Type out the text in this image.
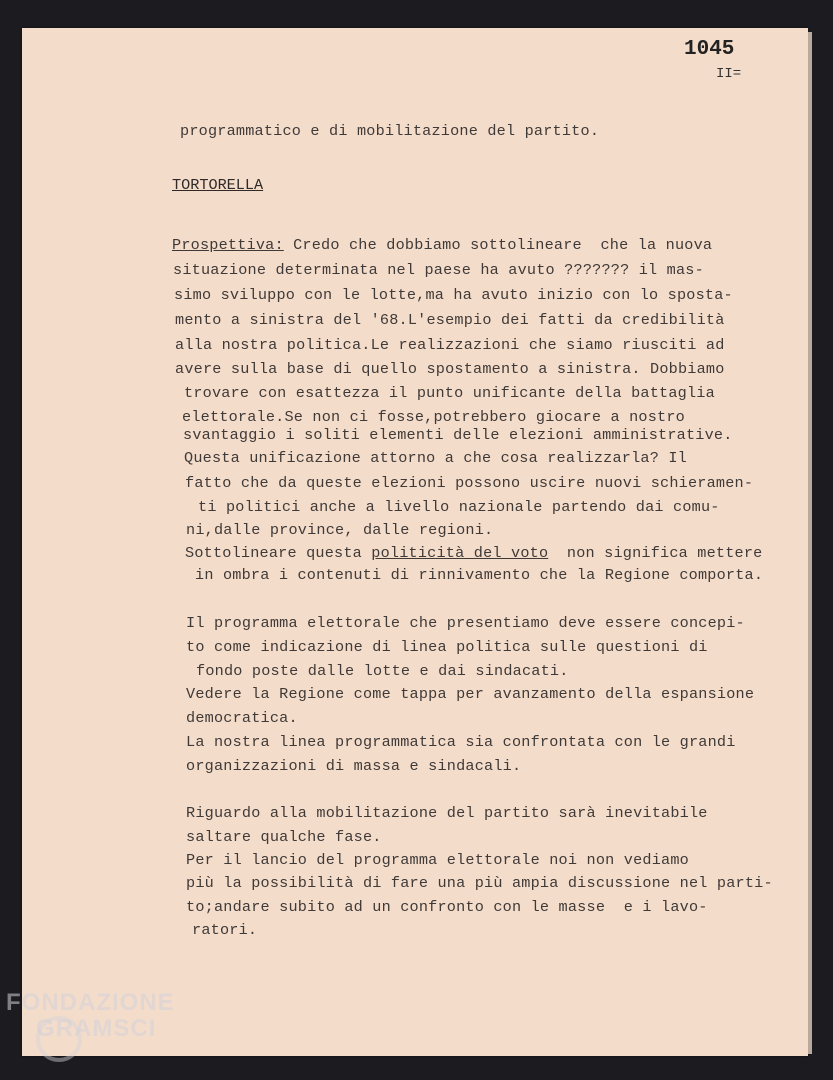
1045
II=
programmatico e di mobilitazione del partito.
TORTORELLA
Prospettiva: Credo che dobbiamo sottolineare  che la nuova
situazione determinata nel paese ha avuto ??????? il mas-
simo sviluppo con le lotte,ma ha avuto inizio con lo sposta-
mento a sinistra del '68.L'esempio dei fatti da credibilità
alla nostra politica.Le realizzazioni che siamo riusciti ad
avere sulla base di quello spostamento a sinistra. Dobbiamo
trovare con esattezza il punto unificante della battaglia
elettorale.Se non ci fosse,potrebbero giocare a nostro
svantaggio i soliti elementi delle elezioni amministrative.
Questa unificazione attorno a che cosa realizzarla? Il
fatto che da queste elezioni possono uscire nuovi schieramen-
ti politici anche a livello nazionale partendo dai comu-
ni,dalle province, dalle regioni.
Sottolineare questa politicità del voto non significa mettere
in ombra i contenuti di rinnivamento che la Regione comporta.
Il programma elettorale che presentiamo deve essere concepi-
to come indicazione di linea politica sulle questioni di
fondo poste dalle lotte e dai sindacati.
Vedere la Regione come tappa per avanzamento della espansione
democratica.
La nostra linea programmatica sia confrontata con le grandi
organizzazioni di massa e sindacali.
Riguardo alla mobilitazione del partito sarà inevitabile
saltare qualche fase.
Per il lancio del programma elettorale noi non vediamo
più la possibilità di fare una più ampia discussione nel parti-
to;andare subito ad un confronto con le masse  e i lavo-
ratori.
FONDAZIONE
GRAMSCI
